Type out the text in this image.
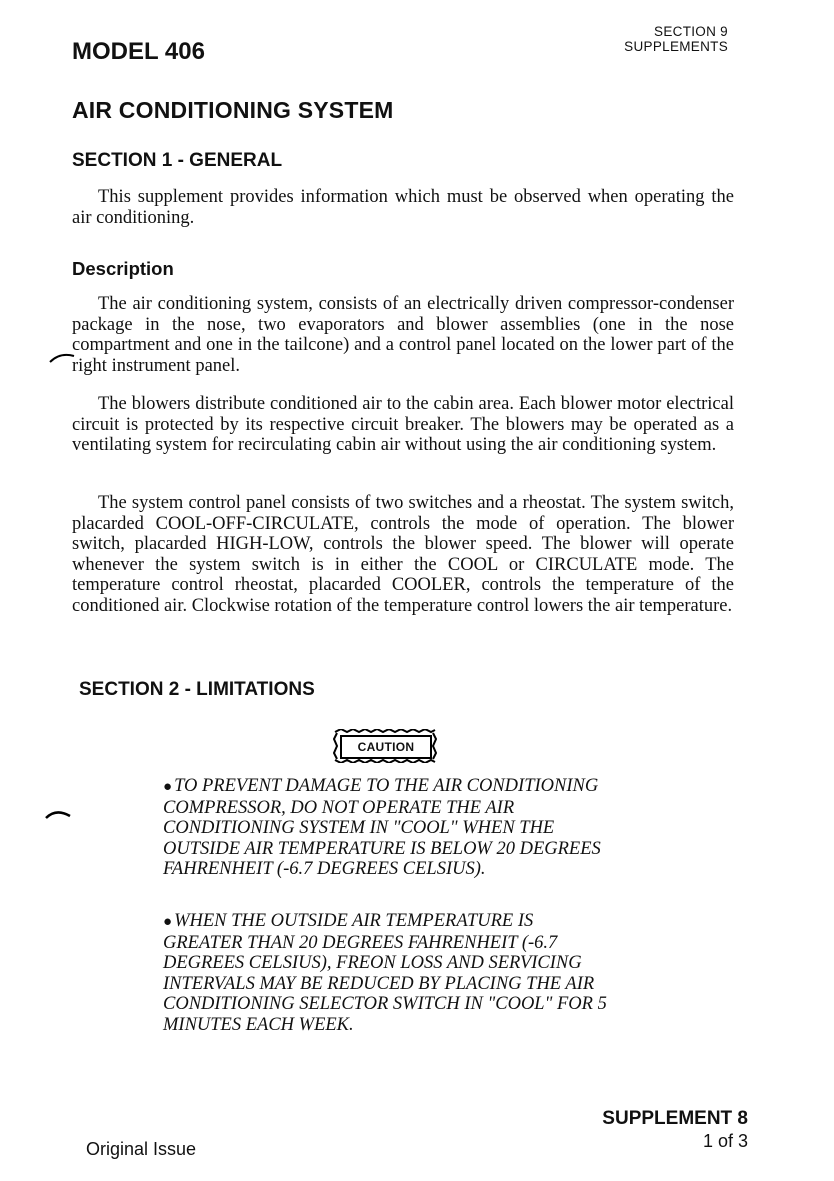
SECTION 9
SUPPLEMENTS
MODEL 406
AIR CONDITIONING SYSTEM
SECTION 1 - GENERAL

This supplement provides information which must be observed when operating the air conditioning.

Description

The air conditioning system, consists of an electrically driven compressor-condenser package in the nose, two evaporators and blower assemblies (one in the nose compartment and one in the tailcone) and a control panel located on the lower part of the right instrument panel.

The blowers distribute conditioned air to the cabin area. Each blower motor electrical circuit is protected by its respective circuit breaker. The blowers may be operated as a ventilating system for recirculating cabin air without using the air conditioning system.

The system control panel consists of two switches and a rheostat. The system switch, placarded COOL-OFF-CIRCULATE, controls the mode of operation. The blower switch, placarded HIGH-LOW, controls the blower speed. The blower will operate whenever the system switch is in either the COOL or CIRCULATE mode. The temperature control rheostat, placarded COOLER, controls the temperature of the conditioned air. Clockwise rotation of the temperature control lowers the air temperature.

SECTION 2 - LIMITATIONS
CAUTION

● TO PREVENT DAMAGE TO THE AIR CONDITIONING COMPRESSOR, DO NOT OPERATE THE AIR CONDITIONING SYSTEM IN "COOL" WHEN THE OUTSIDE AIR TEMPERATURE IS BELOW 20 DEGREES FAHRENHEIT (-6.7 DEGREES CELSIUS).

● WHEN THE OUTSIDE AIR TEMPERATURE IS GREATER THAN 20 DEGREES FAHRENHEIT (-6.7 DEGREES CELSIUS), FREON LOSS AND SERVICING INTERVALS MAY BE REDUCED BY PLACING THE AIR CONDITIONING SELECTOR SWITCH IN "COOL" FOR 5 MINUTES EACH WEEK.

SUPPLEMENT 8
1 of 3
Original Issue
